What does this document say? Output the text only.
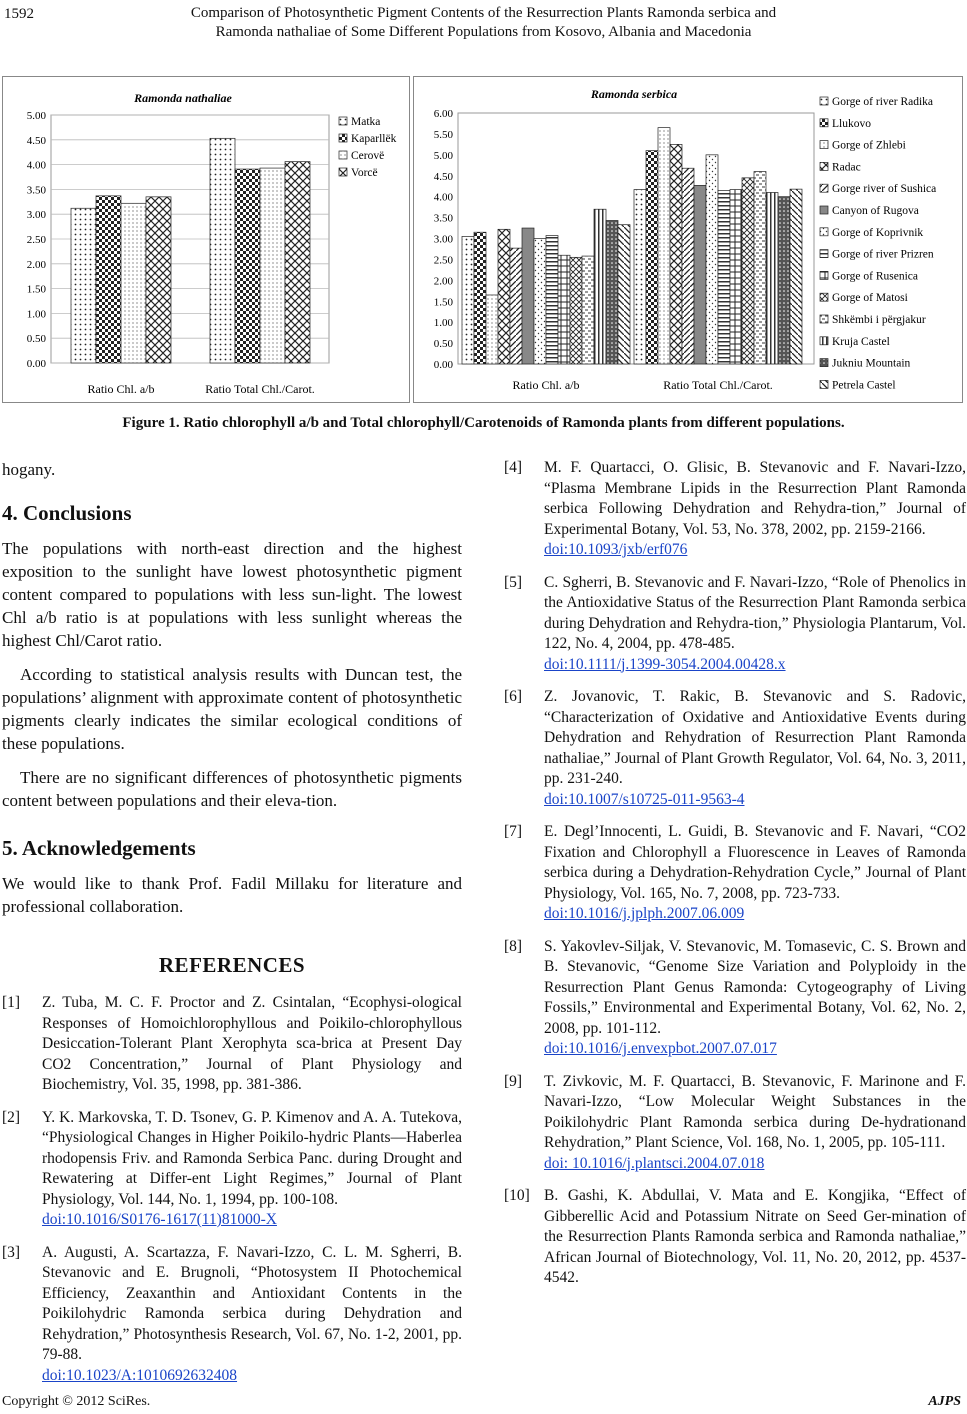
1592	Comparison of Photosynthetic Pigment Contents of the Resurrection Plants Ramonda serbica and
Ramonda nathaliae of Some Different Populations from Kosovo, Albania and Macedonia
Ramonda nathaliae
0.00
0.50
1.00
1.50
2.00
2.50
3.00
3.50
4.00
4.50
5.00
Ratio Chl. a/b	Ratio Total Chl./Carot.
Matka
Kaparllëk
Cerovë
Vorcë
Ramonda serbica
0.00
0.50
1.00
1.50
2.00
2.50
3.00
3.50
4.00
4.50
5.00
5.50
6.00
Ratio Chl. a/b	Ratio Total Chl./Carot.
Gorge of river Radika
Llukovo
Gorge of Zhlebi
Radac
Gorge river of Sushica
Canyon of Rugova
Gorge of Koprivnik
Gorge of river Prizren
Gorge of Rusenica
Gorge of Matosi
Shkëmbi i përgjakur
Kruja Castel
Jukniu Mountain
Petrela Castel
Figure 1. Ratio chlorophyll a/b and Total chlorophyll/Carotenoids of Ramonda plants from different populations.

hogany.

4. Conclusions

The populations with north-east direction and the highest exposition to the sunlight have lowest photosynthetic pigment content compared to populations with less sun-light. The lowest Chl a/b ratio is at populations with less sunlight whereas the highest Chl/Carot ratio.

According to statistical analysis results with Duncan test, the populations’ alignment with approximate content of photosynthetic pigments clearly indicates the similar ecological conditions of these populations.

There are no significant differences of photosynthetic pigments content between populations and their eleva-tion.

5. Acknowledgements

We would like to thank Prof. Fadil Millaku for literature and professional collaboration.

REFERENCES
[1] Z. Tuba, M. C. F. Proctor and Z. Csintalan, “Ecophysi-ological Responses of Homoichlorophyllous and Poikilo-chlorophyllous Desiccation-Tolerant Plant Xerophyta sca-brica at Present Day CO2 Concentration,” Journal of Plant Physiology and Biochemistry, Vol. 35, 1998, pp. 381-386.
[2] Y. K. Markovska, T. D. Tsonev, G. P. Kimenov and A. A. Tutekova, “Physiological Changes in Higher Poikilo-hydric Plants—Haberlea rhodopensis Friv. and Ramonda Serbica Panc. during Drought and Rewatering at Differ-ent Light Regimes,” Journal of Plant Physiology, Vol. 144, No. 1, 1994, pp. 100-108.
doi:10.1016/S0176-1617(11)81000-X
[3] A. Augusti, A. Scartazza, F. Navari-Izzo, C. L. M. Sgherri, B. Stevanovic and E. Brugnoli, “Photosystem II Photochemical Efficiency, Zeaxanthin and Antioxidant Contents in the Poikilohydric Ramonda serbica during Dehydration and Rehydration,” Photosynthesis Research, Vol. 67, No. 1-2, 2001, pp. 79-88.
doi:10.1023/A:1010692632408
[4] M. F. Quartacci, O. Glisic, B. Stevanovic and F. Navari-Izzo, “Plasma Membrane Lipids in the Resurrection Plant Ramonda serbica Following Dehydration and Rehydra-tion,” Journal of Experimental Botany, Vol. 53, No. 378, 2002, pp. 2159-2166.
doi:10.1093/jxb/erf076
[5] C. Sgherri, B. Stevanovic and F. Navari-Izzo, “Role of Phenolics in the Antioxidative Status of the Resurrection Plant Ramonda serbica during Dehydration and Rehydra-tion,” Physiologia Plantarum, Vol. 122, No. 4, 2004, pp. 478-485.
doi:10.1111/j.1399-3054.2004.00428.x
[6] Z. Jovanovic, T. Rakic, B. Stevanovic and S. Radovic, “Characterization of Oxidative and Antioxidative Events during Dehydration and Rehydration of Resurrection Plant Ramonda nathaliae,” Journal of Plant Growth Regulator, Vol. 64, No. 3, 2011, pp. 231-240.
doi:10.1007/s10725-011-9563-4
[7] E. Degl’Innocenti, L. Guidi, B. Stevanovic and F. Navari, “CO2 Fixation and Chlorophyll a Fluorescence in Leaves of Ramonda serbica during a Dehydration-Rehydration Cycle,” Journal of Plant Physiology, Vol. 165, No. 7, 2008, pp. 723-733.
doi:10.1016/j.jplph.2007.06.009
[8] S. Yakovlev-Siljak, V. Stevanovic, M. Tomasevic, C. S. Brown and B. Stevanovic, “Genome Size Variation and Polyploidy in the Resurrection Plant Genus Ramonda: Cytogeography of Living Fossils,” Environmental and Experimental Botany, Vol. 62, No. 2, 2008, pp. 101-112.
doi:10.1016/j.envexpbot.2007.07.017
[9] T. Zivkovic, M. F. Quartacci, B. Stevanovic, F. Marinone and F. Navari-Izzo, “Low Molecular Weight Substances in the Poikilohydric Plant Ramonda serbica during De-hydrationand Rehydration,” Plant Science, Vol. 168, No. 1, 2005, pp. 105-111.
doi: 10.1016/j.plantsci.2004.07.018
[10] B. Gashi, K. Abdullai, V. Mata and E. Kongjika, “Effect of Gibberellic Acid and Potassium Nitrate on Seed Ger-mination of the Resurrection Plants Ramonda serbica and Ramonda nathaliae,” African Journal of Biotechnology, Vol. 11, No. 20, 2012, pp. 4537-4542.
Copyright © 2012 SciRes.	AJPS
